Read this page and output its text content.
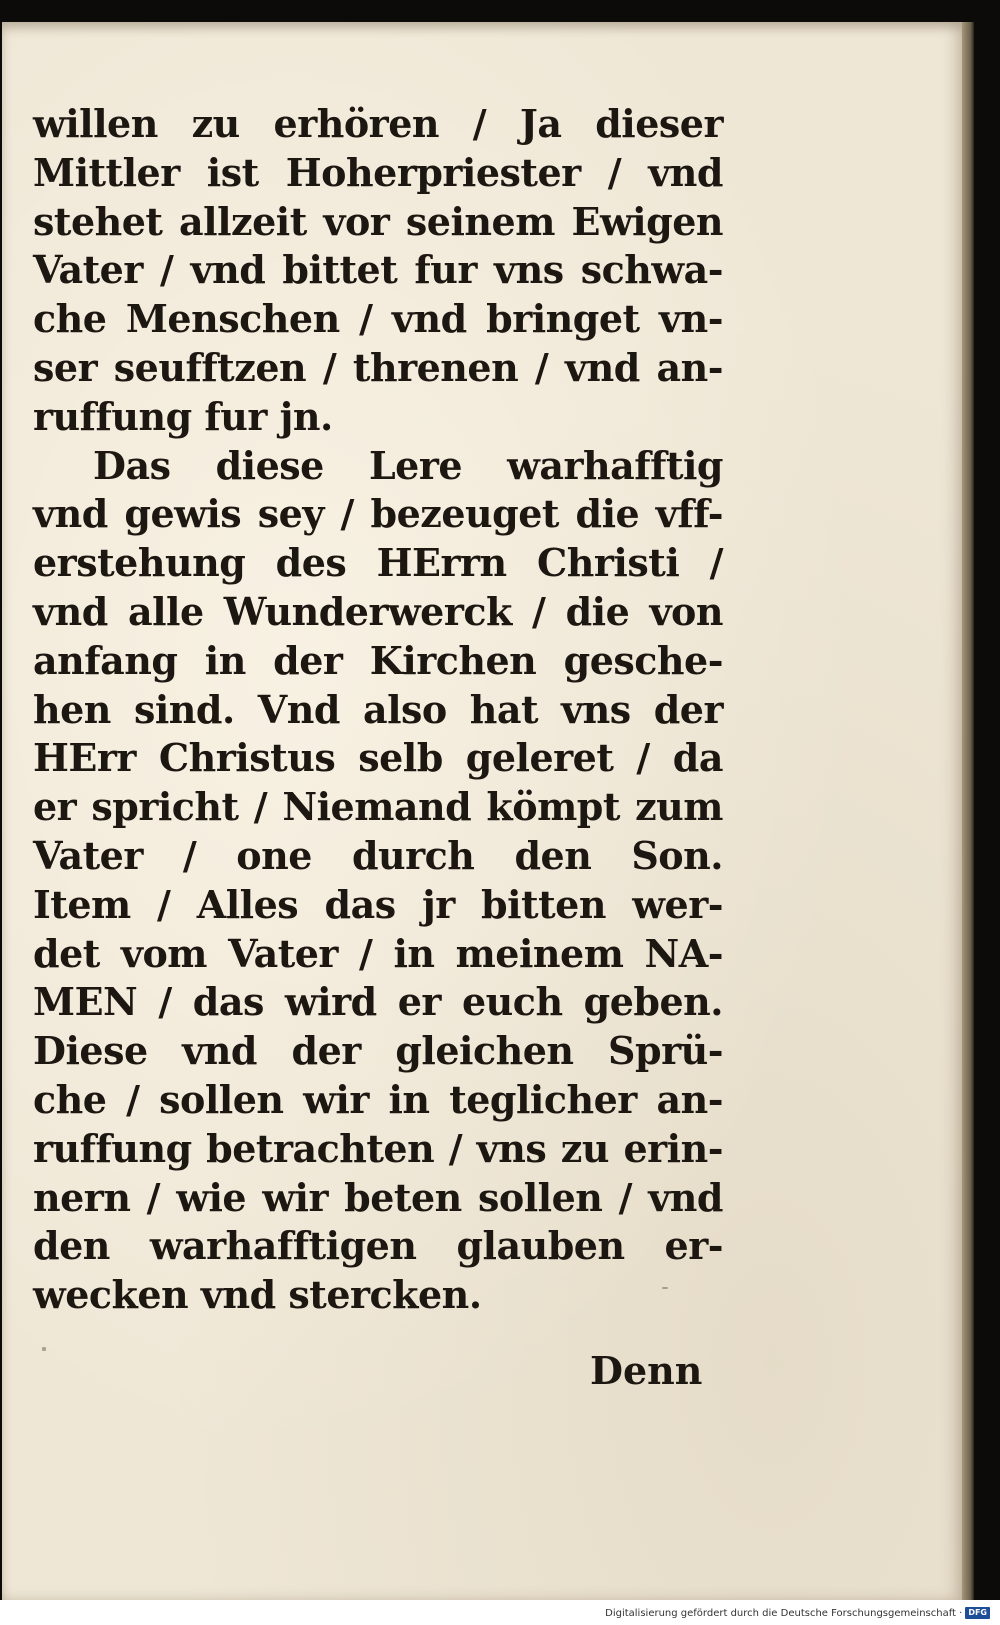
willen zu erhören / Ja dieser
Mittler ist Hoherpriester / vnd
stehet allzeit vor seinem Ewigen
Vater / vnd bittet fur vns schwa-
che Menschen / vnd bringet vn-
ser seufftzen / threnen / vnd an-
ruffung fur jn.
Das diese Lere warhafftig
vnd gewis sey / bezeuget die vff-
erstehung des HErrn Christi /
vnd alle Wunderwerck / die von
anfang in der Kirchen gesche-
hen sind. Vnd also hat vns der
HErr Christus selb geleret / da
er spricht / Niemand kömpt zum
Vater / one durch den Son.
Item / Alles das jr bitten wer-
det vom Vater / in meinem NA-
MEN / das wird er euch geben.
Diese vnd der gleichen Sprü-
che / sollen wir in teglicher an-
ruffung betrachten / vns zu erin-
nern / wie wir beten sollen / vnd
den warhafftigen glauben er-
wecken vnd stercken.
Denn
Digitalisierung gefördert durch die Deutsche Forschungsgemeinschaft · DFG
